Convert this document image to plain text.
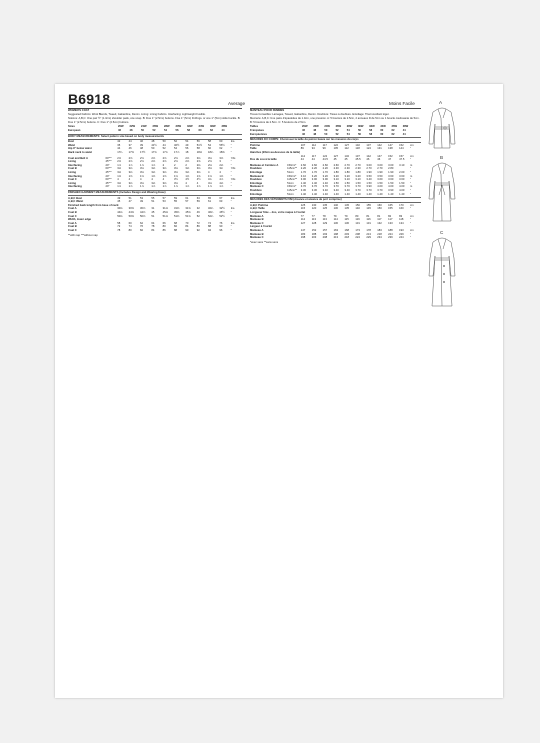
B6918	Average	Moins Facile
WOMEN'S COAT

Suggested Fabrics: Wool Blends, Tweed, Gabardine, Denim. Lining: Lining Fabrics. Interfacing: Lightweight Fusible.

Notions: A,B,C: One pair ½" (1.3cm) shoulder pads, one snap. B: Five 1" (2.5cm) buttons. Five 1" (5cm) D-Rings. or one 1" (5cm) slide buckle. B: Five 1" (2.5cm) buttons. C: Five 1" (2.5cm) buttons.

Sizes	20W	22W	24W	26W	28W	30W	32W	34W	36W	38W
European	46	48	50	52	54	56	58	60	62	44
BODY MEASUREMENTS: Select pattern size based on body measurements
Bust	42	44	46	48	50	52	54	56	58	60	Ins.
Waist	35	37	39	41½	44	46½	49	51½	54	56½	"
Hip 9" below waist	44	46	48	50	52	54	56	58	60	62	"
Back neck to waist	17¼	17⅜	17½	17⅝	17¾	17⅞	18	18⅛	18¼	18⅜	"
Coat and Belt A	60"**	2⅝	2⅝	2⅝	2⅝	2⅝	2⅝	2⅝	3⅛	3⅛	3⅝	Yds
Lining	45"**	2⅝	2⅝	2⅝	2⅝	2⅝	2⅝	2⅝	2⅝	2⅝	3	"
Interfacing	20"	1⅞	1⅞	1⅞	1⅞	2	2	2	2⅛	2⅛	2⅛	"
Coat B	60"**	3⅛	3⅛	3⅛	3⅛	3⅛	3⅛	3⅛	3⅛	3⅛	3¼	Yds
Lining	45"**	3⅛	3⅛	3⅛	3⅛	3⅛	3⅛	3⅛	3⅛	4	4	"
Interfacing	20"	1⅝	1⅝	1⅝	1⅝	1⅝	1⅝	1⅝	1⅝	1⅝	1⅝	"
Coat C	60"**	4	4	4	4	4	4½	4½	4½	4¾	4⅞	Yds
Lining	45"**	3⅛	3⅛	3⅛	3⅛	3⅛	3⅛	4	4	4⅛	4⅛	"
Interfacing	20"	1⅞	1⅞	1⅞	1⅞	1⅞	1⅞	1⅞	1⅞	1⅞	1⅞	"
FINISHED GARMENT MEASUREMENTS (Includes Design and Wearing Ease)
A,B,C Bust	49	51	53	55	57	59	61	63	65	67	Ins.
A,B,C Waist	45	47	49	51	53	55	57	59	61	63	"
Finished back length from base of neck
Coat A	30⅛	30⅜	30⅝	31	31⅛	31⅜	31⅝	32	32¼	32½	Ins.
Coat B	44⅛	44⅜	44⅝	45	45⅛	45⅜	45⅝	46	46¼	46½	"
Coat C	50⅛	50⅜	50⅝	51	51⅛	51⅜	51⅝	52	52¼	52½	"
Width, lower edge
Coat A	58	60	62	64	66	68	70	72	74	76	Ins.
Coat B	72	74	76	78	80	82	84	86	88	90	"
Coat C	78	80	82	84	86	88	90	92	94	96	"
**with nap ***without nap
MANTEAU POUR FEMMES

Tissus Conseillés: Lainages, Tweed, Gabardine, Denim. Doublure: Tissus à doublure. Entoilage: Thermocollant léger.

Mercerie: A,B,C: Une paire d'épaulettes de 1.3cm, une pression. A: 5 boutons de 2.5cm, 2 anneaux D de 5cm ou 1 boucle coulissante de 5cm. B: 5 boutons de 2.5cm. C: 5 boutons de 2.5cm.

Tailles	20W	22W	24W	26W	28W	30W	32W	34W	36W	38W
Françaises	46	48	50	52	54	56	58	60	62	44
Européennes	46	48	50	52	54	56	58	60	62	44
MESURES DU CORPS: Choisissez la taille du patron basée sur les mesures du corps
Poitrine	107	112	117	122	127	132	137	142	147	152	cm
Taille	89	94	99	105	112	118	124	131	138	144	"
Hanches (23cm au-dessous de la taille)
112	117	122	127	132	137	142	147	152	157	cm
Dos du cou à la taille	44	44	44.5	45	45	45.5	46	46	47	47.5	"
Manteau et Ceinture A	150cm*	2.60	2.60	2.60	2.60	2.70	2.70	3.00	3.00	3.00	3.10	m
Doublure	115cm**	2.20	2.20	2.20	2.30	2.30	2.30	2.70	2.70	2.80
	"
Entoilage	51cm	1.70	1.70	1.70	1.80	1.80	1.80	1.90	1.90	1.90	2.00	"
Manteau B	150cm*	3.10	3.20	3.20	3.20	3.20	3.20	3.50	3.50	3.60	3.60	m
Doublure	115cm**	3.00	3.00	3.00	3.10	3.10	3.10	3.40	3.60	3.60	3.60	"
Entoilage	51cm	1.40	1.40	1.40	1.50	1.50	1.50	1.50	1.50	1.50	1.50	"
Manteau C	150cm*	3.70	3.70	3.70	3.70	3.70	3.70	3.90	4.00	4.00	4.00	m
Doublure	115cm**	3.30	3.30	3.40	3.40	3.40	3.70	3.70	3.70	3.90	4.00	"
Entoilage	51cm	1.40	1.40	1.40	1.40	1.40	1.40	1.40	1.40	1.40	1.40	"
MESURES DES VÊTEMENTS FINI (Aisance et aisance de port comprise)
A,B,C Poitrine	125	130	135	140	145	150	155	160	165	170	cm
A,B,C Taille	115	120	125	130	135	140	145	150	155	160	"
Longueur finie – dos, votre nuque à l'ourlet
Manteau A	77	77	78	79	79	80	81	81	82	83	cm
Manteau B	112	113	113	114	115	116	116	117	117	118	"
Manteau C	127	128	129	130	130	131	131	132	133	134	"
Largeur à l'ourlet
Manteau A	147	152	157	163	168	173	178	183	188	193	cm
Manteau B	183	188	193	198	203	208	213	218	224	229	"
Manteau C	198	203	208	213	218	224	229	234	239	244	"
*avec sens **sans sens
A
B
C
